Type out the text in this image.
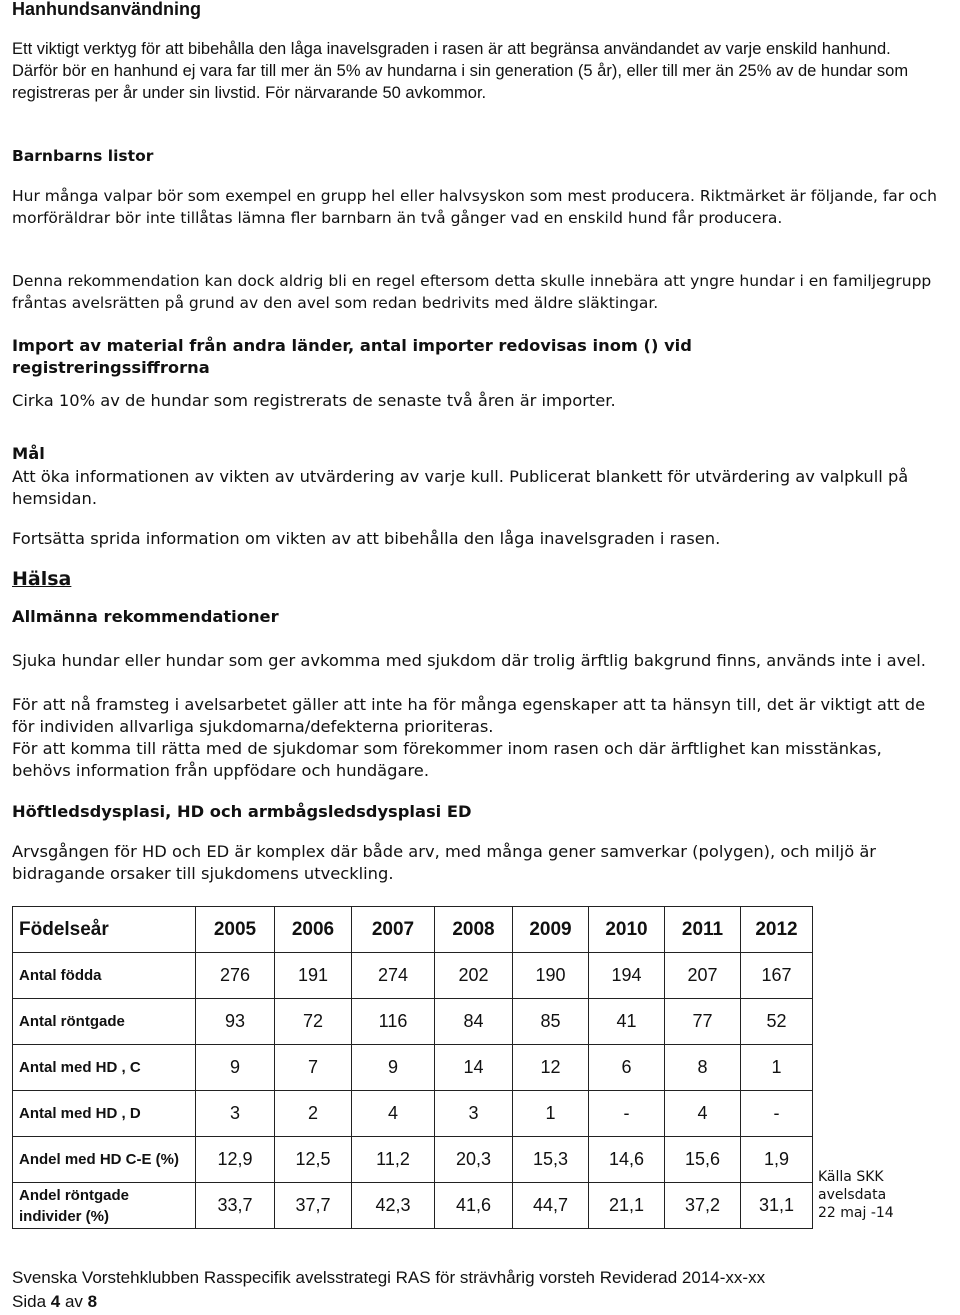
Hanhundsanvändning

Ett viktigt verktyg för att bibehålla den låga inavelsgraden i rasen är att begränsa användandet av varje enskild hanhund. Därför bör en hanhund ej vara far till mer än 5% av hundarna i sin generation (5 år), eller till mer än 25% av de hundar som registreras per år under sin livstid. För närvarande 50 avkommor.

Barnbarns listor

Hur många valpar bör som exempel en grupp hel eller halvsyskon som mest producera. Riktmärket är följande, far och morföräldrar bör inte tillåtas lämna fler barnbarn än två gånger vad en enskild hund får producera.

Denna rekommendation kan dock aldrig bli en regel eftersom detta skulle innebära att yngre hundar i en familjegrupp fråntas avelsrätten på grund av den avel som redan bedrivits med äldre släktingar.

Import av material från andra länder, antal importer redovisas inom () vid registreringssiffrorna

Cirka 10% av de hundar som registrerats de senaste två åren är importer.

Mål

Att öka informationen av vikten av utvärdering av varje kull. Publicerat blankett för utvärdering av valpkull på hemsidan.

Fortsätta sprida information om vikten av att bibehålla den låga inavelsgraden i rasen.

Hälsa

Allmänna rekommendationer

Sjuka hundar eller hundar som ger avkomma med sjukdom där trolig ärftlig bakgrund finns, används inte i avel.

För att nå framsteg i avelsarbetet gäller att inte ha för många egenskaper att ta hänsyn till, det är viktigt att de för individen allvarliga sjukdomarna/defekterna prioriteras.

För att komma till rätta med de sjukdomar som förekommer inom rasen och där ärftlighet kan misstänkas, behövs information från uppfödare och hundägare.

Höftledsdysplasi, HD och armbågsledsdysplasi ED

Arvsgången för HD och ED är komplex där både arv, med många gener samverkar (polygen), och miljö är bidragande orsaker till sjukdomens utveckling.

Födelseår	2005	2006	2007	2008	2009	2010	2011	2012
Antal födda	276	191	274	202	190	194	207	167
Antal röntgade	93	72	116	84	85	41	77	52
Antal med HD , C	9	7	9	14	12	6	8	1
Antal med HD , D	3	2	4	3	1	-	4	-
Andel med HD C-E (%)	12,9	12,5	11,2	20,3	15,3	14,6	15,6	1,9
Andel röntgade individer (%)	33,7	37,7	42,3	41,6	44,7	21,1	37,2	31,1
Källa SKK
avelsdata
22 maj -14
Svenska Vorstehklubben Rasspecifik avelsstrategi RAS för strävhårig vorsteh Reviderad 2014-xx-xx
Sida 4 av 8
